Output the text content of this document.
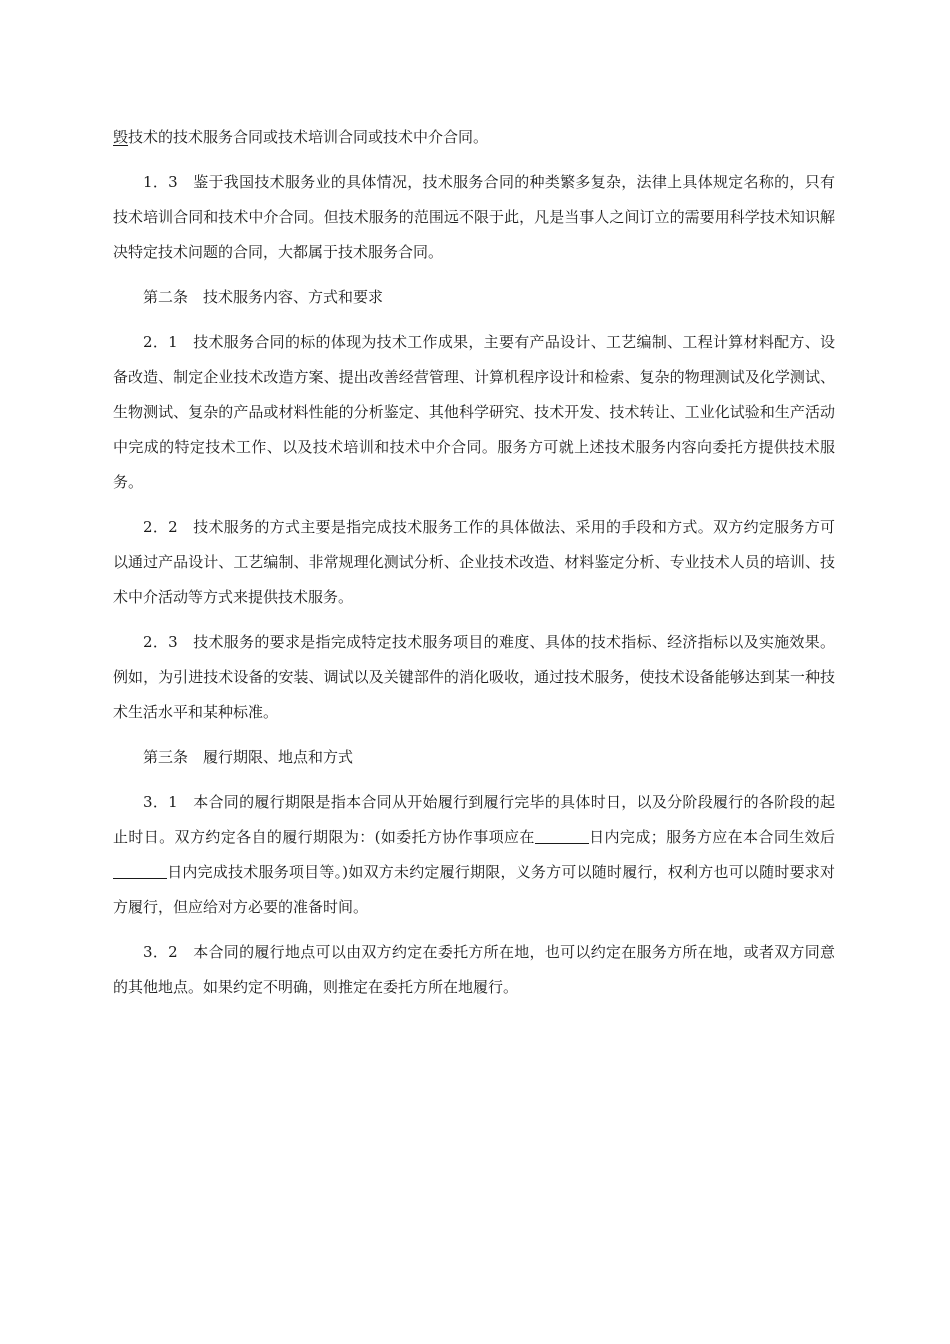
毁技术的技术服务合同或技术培训合同或技术中介合同。

1．3　鉴于我国技术服务业的具体情况，技术服务合同的种类繁多复杂，法律上具体规定名称的，只有技术培训合同和技术中介合同。但技术服务的范围远不限于此，凡是当事人之间订立的需要用科学技术知识解决特定技术问题的合同，大都属于技术服务合同。

第二条　技术服务内容、方式和要求

2．1　技术服务合同的标的体现为技术工作成果，主要有产品设计、工艺编制、工程计算材料配方、设备改造、制定企业技术改造方案、提出改善经营管理、计算机程序设计和检索、复杂的物理测试及化学测试、生物测试、复杂的产品或材料性能的分析鉴定、其他科学研究、技术开发、技术转让、工业化试验和生产活动中完成的特定技术工作、以及技术培训和技术中介合同。服务方可就上述技术服务内容向委托方提供技术服务。

2．2　技术服务的方式主要是指完成技术服务工作的具体做法、采用的手段和方式。双方约定服务方可以通过产品设计、工艺编制、非常规理化测试分析、企业技术改造、材料鉴定分析、专业技术人员的培训、技术中介活动等方式来提供技术服务。

2．3　技术服务的要求是指完成特定技术服务项目的难度、具体的技术指标、经济指标以及实施效果。例如，为引进技术设备的安装、调试以及关键部件的消化吸收，通过技术服务，使技术设备能够达到某一种技术生活水平和某种标准。

第三条　履行期限、地点和方式

3．1　本合同的履行期限是指本合同从开始履行到履行完毕的具体时日，以及分阶段履行的各阶段的起止时日。双方约定各自的履行期限为：(如委托方协作事项应在	日内完成；服务方应在本合同生效后日内完成技术服务项目等。)如双方未约定履行期限，义务方可以随时履行，权利方也可以随时要求对方履行，但应给对方必要的准备时间。

3．2　本合同的履行地点可以由双方约定在委托方所在地，也可以约定在服务方所在地，或者双方同意的其他地点。如果约定不明确，则推定在委托方所在地履行。
